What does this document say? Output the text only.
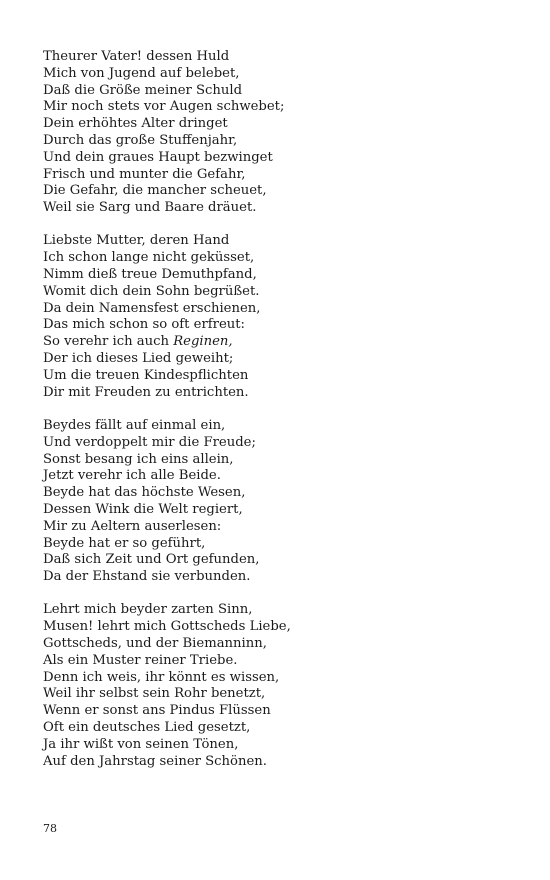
Theurer Vater! dessen Huld
Mich von Jugend auf belebet,
Daß die Größe meiner Schuld
Mir noch stets vor Augen schwebet;
Dein erhöhtes Alter dringet
Durch das große Stuffenjahr,
Und dein graues Haupt bezwinget
Frisch und munter die Gefahr,
Die Gefahr, die mancher scheuet,
Weil sie Sarg und Baare dräuet.

Liebste Mutter, deren Hand
Ich schon lange nicht geküsset,
Nimm dieß treue Demuthpfand,
Womit dich dein Sohn begrüßet.
Da dein Namensfest erschienen,
Das mich schon so oft erfreut:
So verehr ich auch Reginen,
Der ich dieses Lied geweiht;
Um die treuen Kindespflichten
Dir mit Freuden zu entrichten.

Beydes fällt auf einmal ein,
Und verdoppelt mir die Freude;
Sonst besang ich eins allein,
Jetzt verehr ich alle Beide.
Beyde hat das höchste Wesen,
Dessen Wink die Welt regiert,
Mir zu Aeltern auserlesen:
Beyde hat er so geführt,
Daß sich Zeit und Ort gefunden,
Da der Ehstand sie verbunden.

Lehrt mich beyder zarten Sinn,
Musen! lehrt mich Gottscheds Liebe,
Gottscheds, und der Biemanninn,
Als ein Muster reiner Triebe.
Denn ich weis, ihr könnt es wissen,
Weil ihr selbst sein Rohr benetzt,
Wenn er sonst ans Pindus Flüssen
Oft ein deutsches Lied gesetzt,
Ja ihr wißt von seinen Tönen,
Auf den Jahrstag seiner Schönen.

78
